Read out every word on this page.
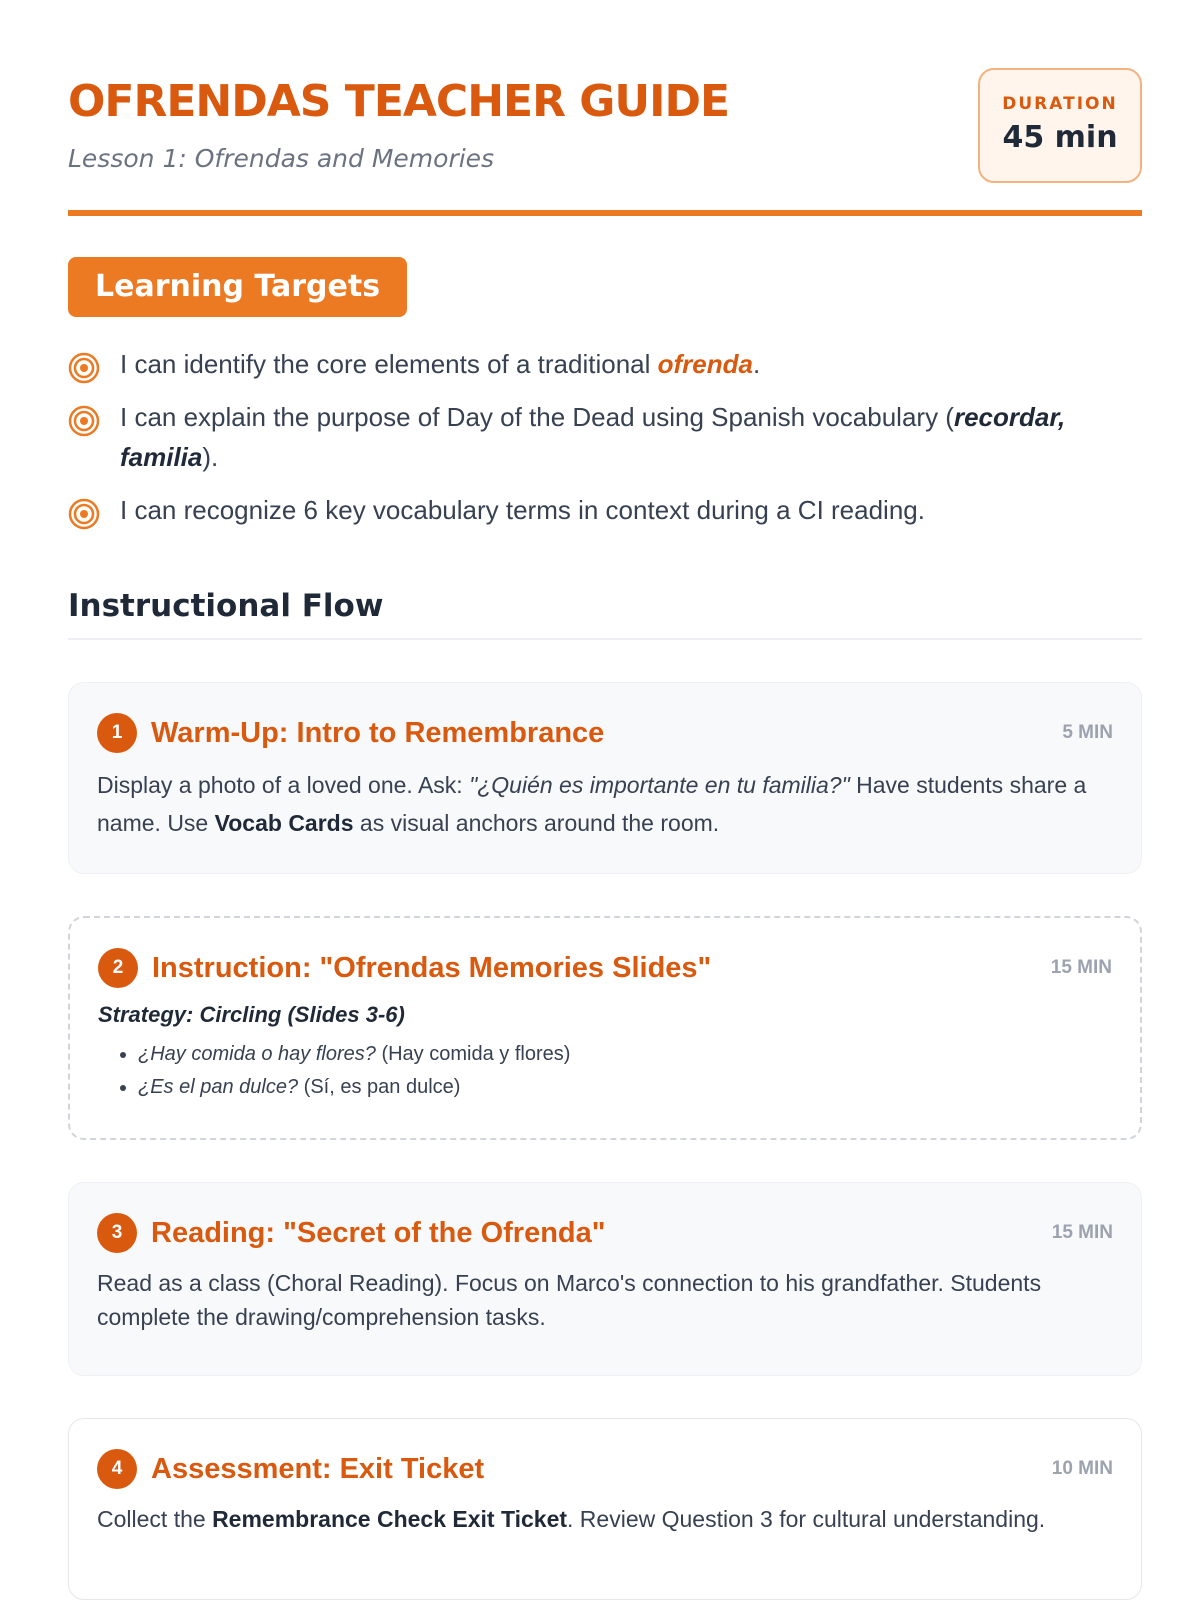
OFRENDAS TEACHER GUIDE
Lesson 1: Ofrendas and Memories
DURATION
45 min
Learning Targets
I can identify the core elements of a traditional ofrenda.
I can explain the purpose of Day of the Dead using Spanish vocabulary (recordar, familia).
I can recognize 6 key vocabulary terms in context during a CI reading.
Instructional Flow
1 Warm-Up: Intro to Remembrance	5 MIN
Display a photo of a loved one. Ask: "¿Quién es importante en tu familia?" Have students share a name. Use Vocab Cards as visual anchors around the room.
2 Instruction: "Ofrendas Memories Slides"	15 MIN
Strategy: Circling (Slides 3-6)
• ¿Hay comida o hay flores? (Hay comida y flores)
• ¿Es el pan dulce? (Sí, es pan dulce)
3 Reading: "Secret of the Ofrenda"	15 MIN
Read as a class (Choral Reading). Focus on Marco's connection to his grandfather. Students complete the drawing/comprehension tasks.
4 Assessment: Exit Ticket	10 MIN
Collect the Remembrance Check Exit Ticket. Review Question 3 for cultural understanding.
